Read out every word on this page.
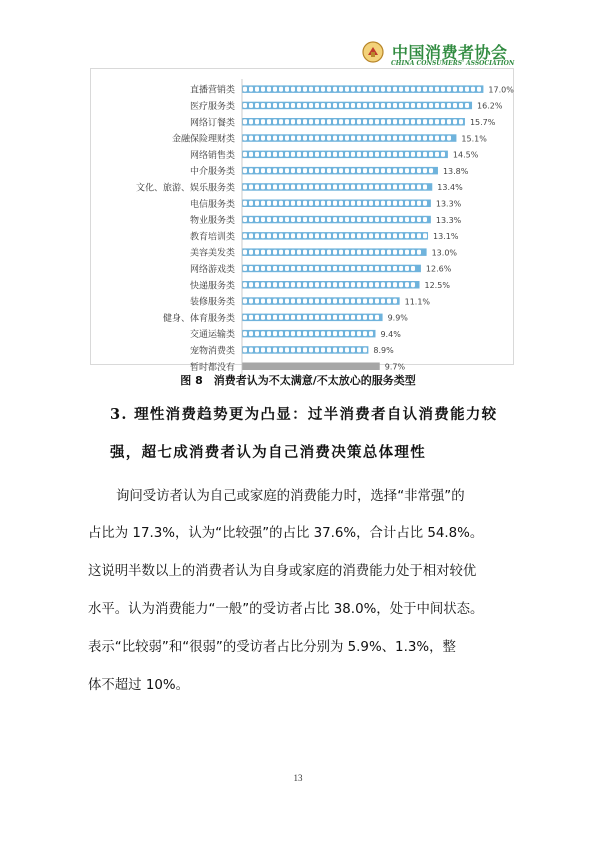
中国消费者协会
CHINA CONSUMERS' ASSOCIATION
直播营销类	17.0%
医疗服务类	16.2%
网络订餐类	15.7%
金融保险理财类	15.1%
网络销售类	14.5%
中介服务类	13.8%
文化、旅游、娱乐服务类	13.4%
电信服务类	13.3%
物业服务类	13.3%
教育培训类	13.1%
美容美发类	13.0%
网络游戏类	12.6%
快递服务类	12.5%
装修服务类	11.1%
健身、体育服务类	9.9%
交通运输类	9.4%
宠物消费类	8.9%
暂时都没有	9.7%
图 8　消费者认为不太满意/不太放心的服务类型
3. 理性消费趋势更为凸显：过半消费者自认消费能力较
强，超七成消费者认为自己消费决策总体理性
询问受访者认为自己或家庭的消费能力时，选择“非常强”的
占比为 17.3%，认为“比较强”的占比 37.6%，合计占比 54.8%。
这说明半数以上的消费者认为自身或家庭的消费能力处于相对较优
水平。认为消费能力“一般”的受访者占比 38.0%，处于中间状态。
表示“比较弱”和“很弱”的受访者占比分别为 5.9%、1.3%，整
体不超过 10%。
13
